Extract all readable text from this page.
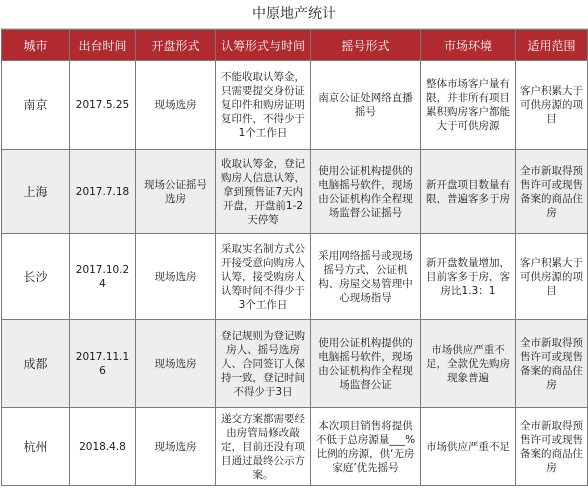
中原地产统计
城市	出台时间	开盘形式	认筹形式与时间	摇号形式	市场环境	适用范围
南京	2017.5.25	现场选房	不能收取认筹金，只需要提交身份证复印件和购房证明复印件，不得少于1个工作日	南京公证处网络直播摇号	整体市场客户量有限，并非所有项目累积购房客户都能大于可供房源	客户积累大于可供房源的项目
上海	2017.7.18	现场公证摇号选房	收取认筹金，登记购房人信息认筹，拿到预售证7天内开盘，开盘前1-2天停筹	使用公证机构提供的电脑摇号软件，现场由公证机构作全程现场监督公证摇号	新开盘项目数量有限，普遍客多于房	全市新取得预售许可或现售备案的商品住房
长沙	2017.10.24	现场选房	采取实名制方式公开接受意向购房人认筹，接受购房人认筹时间不得少于3个工作日	采用网络摇号或现场摇号方式，公证机构、房屋交易管理中心现场指导	新开盘数量增加，目前客多于房，客房比1.3：1	客户积累大于可供房源的项目
成都	2017.11.16	现场选房	登记规则为登记购房人、摇号选房人、合同签订人保持一致，登记时间不得少于3日	使用公证机构提供的电脑摇号软件，现场由公证机构作全程现场监督公证	市场供应严重不足，全款优先购房现象普遍	全市新取得预售许可或现售备案的商品住房
杭州	2018.4.8	现场选房	递交方案都需要经由房管局修改敲定，目前还没有项目通过最终公示方案。	本次项目销售将提供不低于总房源量___%比例的房源，供‘无房家庭’优先摇号	市场供应严重不足	全市新取得预售许可或现售备案的商品住房
